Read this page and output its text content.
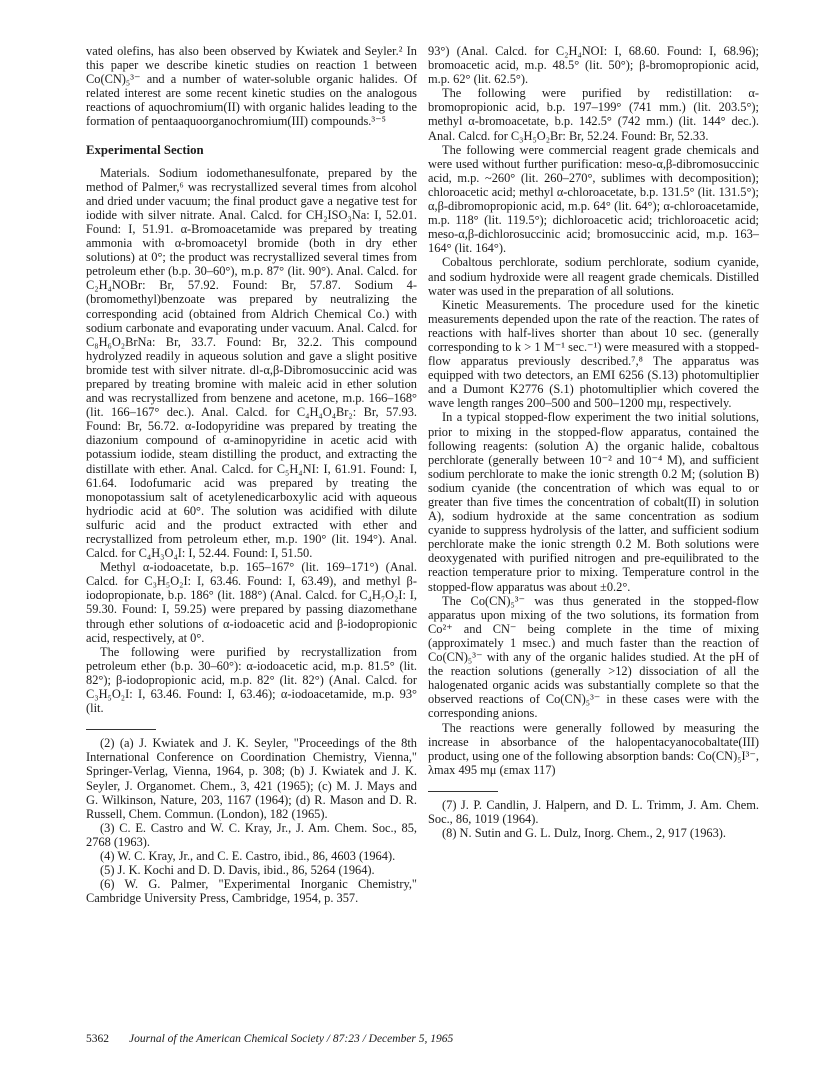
vated olefins, has also been observed by Kwiatek and Seyler.² In this paper we describe kinetic studies on reaction 1 between Co(CN)₅³⁻ and a number of water-soluble organic halides. Of related interest are some recent kinetic studies on the analogous reactions of aquochromium(II) with organic halides leading to the formation of pentaaquoorganochromium(III) compounds.³⁻⁵

Experimental Section

Materials. Sodium iodomethanesulfonate, prepared by the method of Palmer,⁶ was recrystallized several times from alcohol and dried under vacuum; the final product gave a negative test for iodide with silver nitrate. Anal. Calcd. for CH₂ISO₃Na: I, 52.01. Found: I, 51.91. α-Bromoacetamide was prepared by treating ammonia with α-bromoacetyl bromide (both in dry ether solutions) at 0°; the product was recrystallized several times from petroleum ether (b.p. 30–60°), m.p. 87° (lit. 90°). Anal. Calcd. for C₂H₄NOBr: Br, 57.92. Found: Br, 57.87. Sodium 4-(bromomethyl)benzoate was prepared by neutralizing the corresponding acid (obtained from Aldrich Chemical Co.) with sodium carbonate and evaporating under vacuum. Anal. Calcd. for C₈H₆O₂BrNa: Br, 33.7. Found: Br, 32.2. This compound hydrolyzed readily in aqueous solution and gave a slight positive bromide test with silver nitrate. dl-α,β-Dibromosuccinic acid was prepared by treating bromine with maleic acid in ether solution and was recrystallized from benzene and acetone, m.p. 166–168° (lit. 166–167° dec.). Anal. Calcd. for C₄H₄O₄Br₂: Br, 57.93. Found: Br, 56.72. α-Iodopyridine was prepared by treating the diazonium compound of α-aminopyridine in acetic acid with potassium iodide, steam distilling the product, and extracting the distillate with ether. Anal. Calcd. for C₅H₄NI: I, 61.91. Found: I, 61.64. Iodofumaric acid was prepared by treating the monopotassium salt of acetylenedicarboxylic acid with aqueous hydriodic acid at 60°. The solution was acidified with dilute sulfuric acid and the product extracted with ether and recrystallized from petroleum ether, m.p. 190° (lit. 194°). Anal. Calcd. for C₄H₃O₄I: I, 52.44. Found: I, 51.50.

Methyl α-iodoacetate, b.p. 165–167° (lit. 169–171°) (Anal. Calcd. for C₃H₅O₂I: I, 63.46. Found: I, 63.49), and methyl β-iodopropionate, b.p. 186° (lit. 188°) (Anal. Calcd. for C₄H₇O₂I: I, 59.30. Found: I, 59.25) were prepared by passing diazomethane through ether solutions of α-iodoacetic acid and β-iodopropionic acid, respectively, at 0°.

The following were purified by recrystallization from petroleum ether (b.p. 30–60°): α-iodoacetic acid, m.p. 81.5° (lit. 82°); β-iodopropionic acid, m.p. 82° (lit. 82°) (Anal. Calcd. for C₃H₅O₂I: I, 63.46. Found: I, 63.46); α-iodoacetamide, m.p. 93° (lit.

(2) (a) J. Kwiatek and J. K. Seyler, "Proceedings of the 8th International Conference on Coordination Chemistry, Vienna," Springer-Verlag, Vienna, 1964, p. 308; (b) J. Kwiatek and J. K. Seyler, J. Organomet. Chem., 3, 421 (1965); (c) M. J. Mays and G. Wilkinson, Nature, 203, 1167 (1964); (d) R. Mason and D. R. Russell, Chem. Commun. (London), 182 (1965).

(3) C. E. Castro and W. C. Kray, Jr., J. Am. Chem. Soc., 85, 2768 (1963).

(4) W. C. Kray, Jr., and C. E. Castro, ibid., 86, 4603 (1964).

(5) J. K. Kochi and D. D. Davis, ibid., 86, 5264 (1964).

(6) W. G. Palmer, "Experimental Inorganic Chemistry," Cambridge University Press, Cambridge, 1954, p. 357.

93°) (Anal. Calcd. for C₂H₄NOI: I, 68.60. Found: I, 68.96); bromoacetic acid, m.p. 48.5° (lit. 50°); β-bromopropionic acid, m.p. 62° (lit. 62.5°).

The following were purified by redistillation: α-bromopropionic acid, b.p. 197–199° (741 mm.) (lit. 203.5°); methyl α-bromoacetate, b.p. 142.5° (742 mm.) (lit. 144° dec.). Anal. Calcd. for C₃H₅O₂Br: Br, 52.24. Found: Br, 52.33.

The following were commercial reagent grade chemicals and were used without further purification: meso-α,β-dibromosuccinic acid, m.p. ~260° (lit. 260–270°, sublimes with decomposition); chloroacetic acid; methyl α-chloroacetate, b.p. 131.5° (lit. 131.5°); α,β-dibromopropionic acid, m.p. 64° (lit. 64°); α-chloroacetamide, m.p. 118° (lit. 119.5°); dichloroacetic acid; trichloroacetic acid; meso-α,β-dichlorosuccinic acid; bromosuccinic acid, m.p. 163–164° (lit. 164°).

Cobaltous perchlorate, sodium perchlorate, sodium cyanide, and sodium hydroxide were all reagent grade chemicals. Distilled water was used in the preparation of all solutions.

Kinetic Measurements. The procedure used for the kinetic measurements depended upon the rate of the reaction. The rates of reactions with half-lives shorter than about 10 sec. (generally corresponding to k > 1 M⁻¹ sec.⁻¹) were measured with a stopped-flow apparatus previously described.⁷,⁸ The apparatus was equipped with two detectors, an EMI 6256 (S.13) photomultiplier and a Dumont K2776 (S.1) photomultiplier which covered the wave length ranges 200–500 and 500–1200 mμ, respectively.

In a typical stopped-flow experiment the two initial solutions, prior to mixing in the stopped-flow apparatus, contained the following reagents: (solution A) the organic halide, cobaltous perchlorate (generally between 10⁻² and 10⁻⁴ M), and sufficient sodium perchlorate to make the ionic strength 0.2 M; (solution B) sodium cyanide (the concentration of which was equal to or greater than five times the concentration of cobalt(II) in solution A), sodium hydroxide at the same concentration as sodium cyanide to suppress hydrolysis of the latter, and sufficient sodium perchlorate make the ionic strength 0.2 M. Both solutions were deoxygenated with purified nitrogen and pre-equilibrated to the reaction temperature prior to mixing. Temperature control in the stopped-flow apparatus was about ±0.2°.

The Co(CN)₅³⁻ was thus generated in the stopped-flow apparatus upon mixing of the two solutions, its formation from Co²⁺ and CN⁻ being complete in the time of mixing (approximately 1 msec.) and much faster than the reaction of Co(CN)₅³⁻ with any of the organic halides studied. At the pH of the reaction solutions (generally >12) dissociation of all the halogenated organic acids was substantially complete so that the observed reactions of Co(CN)₅³⁻ in these cases were with the corresponding anions.

The reactions were generally followed by measuring the increase in absorbance of the halopentacyanocobaltate(III) product, using one of the following absorption bands: Co(CN)₅I³⁻, λmax 495 mμ (εmax 117)

(7) J. P. Candlin, J. Halpern, and D. L. Trimm, J. Am. Chem. Soc., 86, 1019 (1964).

(8) N. Sutin and G. L. Dulz, Inorg. Chem., 2, 917 (1963).

5362 Journal of the American Chemical Society / 87:23 / December 5, 1965
